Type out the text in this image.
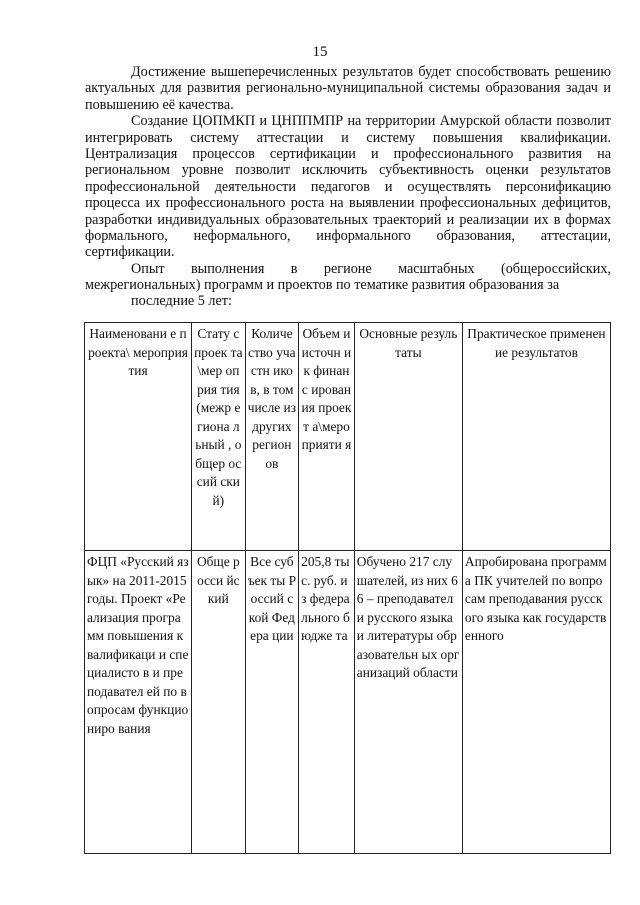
15

Достижение вышеперечисленных результатов будет способствовать решению актуальных для развития регионально-муниципальной системы образования задач и повышению её качества.

Создание ЦОПМКП и ЦНППМПР на территории Амурской области позволит интегрировать систему аттестации и систему повышения квалификации. Централизация процессов сертификации и профессионального развития на региональном уровне позволит исключить субъективность оценки результатов профессиональной деятельности педагогов и осуществлять персонификацию процесса их профессионального роста на выявлении профессиональных дефицитов, разработки индивидуальных образовательных траекторий и реализации их в формах формального, неформального, информального образования, аттестации, сертификации.

Опыт выполнения в регионе масштабных (общероссийских, межрегиональных) программ и проектов по тематике развития образования за
последние 5 лет:

Наименовани е проекта\ мероприятия	Стату с проек та\мер оприя тия (межр егиона льный , общер оссий ский)	Количе ство участн иков, в том числе из других регион ов	Объем и источн ик финанс ирован ия проект а\меро прияти я	Основные результаты	Практическое применение результатов
ФЦП «Русский язык» на 2011-2015 годы. Проект «Реализация программ повышения квалификаци и специалисто в и преподавател ей по вопросам функциониро вания	Обще росси йский	Все субъек ты Россий ской Федера ции	205,8 тыс. руб. из федера льного бюдже та	Обучено 217 слушателей, из них 66 – преподаватели русского языка и литературы образовательн ых организаций области	Апробирована программа ПК учителей по вопросам преподавания русского языка как государственного
